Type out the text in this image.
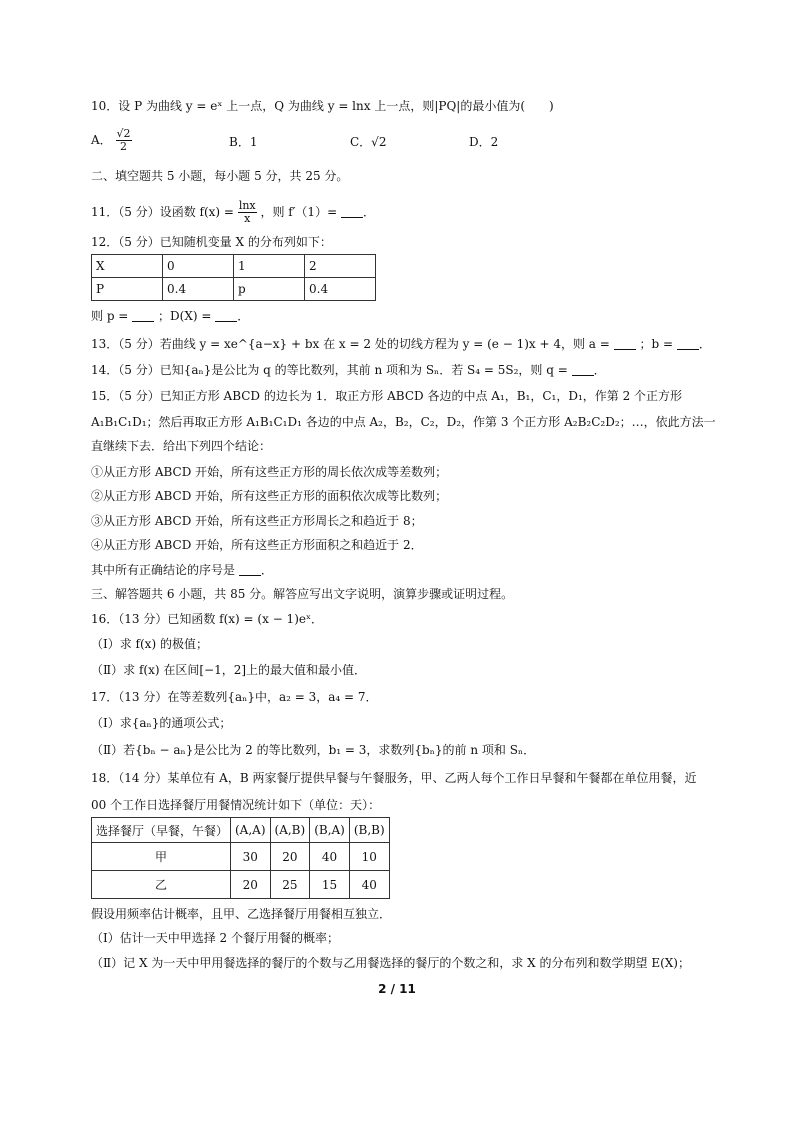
10．设 P 为曲线 y = eˣ 上一点，Q 为曲线 y = lnx 上一点，则|PQ|的最小值为(　　)
A． $\frac{√2}{2}$	B．1	C．√2	D．2
二、填空题共 5 小题，每小题 5 分，共 25 分。
11．（5 分）设函数 $f(x) = \frac{\ln x}{x}$ ，则 f′（1）= ．
12．（5 分）已知随机变量 X 的分布列如下：
X	0	1	2
P	0.4	p	0.4
则 p = ；D(X) = ．
13．（5 分）若曲线 y = xe^{a−x} + bx 在 x = 2 处的切线方程为 y = (e − 1)x + 4，则 a = ；b = ．
14．（5 分）已知{aₙ}是公比为 q 的等比数列，其前 n 项和为 Sₙ．若 S₄ = 5S₂，则 q = ．
15．（5 分）已知正方形 ABCD 的边长为 1．取正方形 ABCD 各边的中点 A₁，B₁，C₁，D₁，作第 2 个正方形
A₁B₁C₁D₁；然后再取正方形 A₁B₁C₁D₁ 各边的中点 A₂，B₂，C₂，D₂，作第 3 个正方形 A₂B₂C₂D₂；…，依此方法一
直继续下去．给出下列四个结论：
①从正方形 ABCD 开始，所有这些正方形的周长依次成等差数列；
②从正方形 ABCD 开始，所有这些正方形的面积依次成等比数列；
③从正方形 ABCD 开始，所有这些正方形周长之和趋近于 8；
④从正方形 ABCD 开始，所有这些正方形面积之和趋近于 2．
其中所有正确结论的序号是 ．
三、解答题共 6 小题，共 85 分。解答应写出文字说明，演算步骤或证明过程。
16．（13 分）已知函数 f(x) = (x − 1)eˣ．
（Ⅰ）求 f(x) 的极值；
（Ⅱ）求 f(x) 在区间[−1，2]上的最大值和最小值．
17．（13 分）在等差数列{aₙ}中，a₂ = 3，a₄ = 7．
（Ⅰ）求{aₙ}的通项公式；
（Ⅱ）若{bₙ − aₙ}是公比为 2 的等比数列，b₁ = 3，求数列{bₙ}的前 n 项和 Sₙ．
18．（14 分）某单位有 A，B 两家餐厅提供早餐与午餐服务，甲、乙两人每个工作日早餐和午餐都在单位用餐，近
00 个工作日选择餐厅用餐情况统计如下（单位：天）：
选择餐厅（早餐，午餐）	(A,A)	(A,B)	(B,A)	(B,B)
甲	30	20	40	10
乙	20	25	15	40
假设用频率估计概率，且甲、乙选择餐厅用餐相互独立．
（Ⅰ）估计一天中甲选择 2 个餐厅用餐的概率；
（Ⅱ）记 X 为一天中甲用餐选择的餐厅的个数与乙用餐选择的餐厅的个数之和，求 X 的分布列和数学期望 E(X)；
2 / 11
